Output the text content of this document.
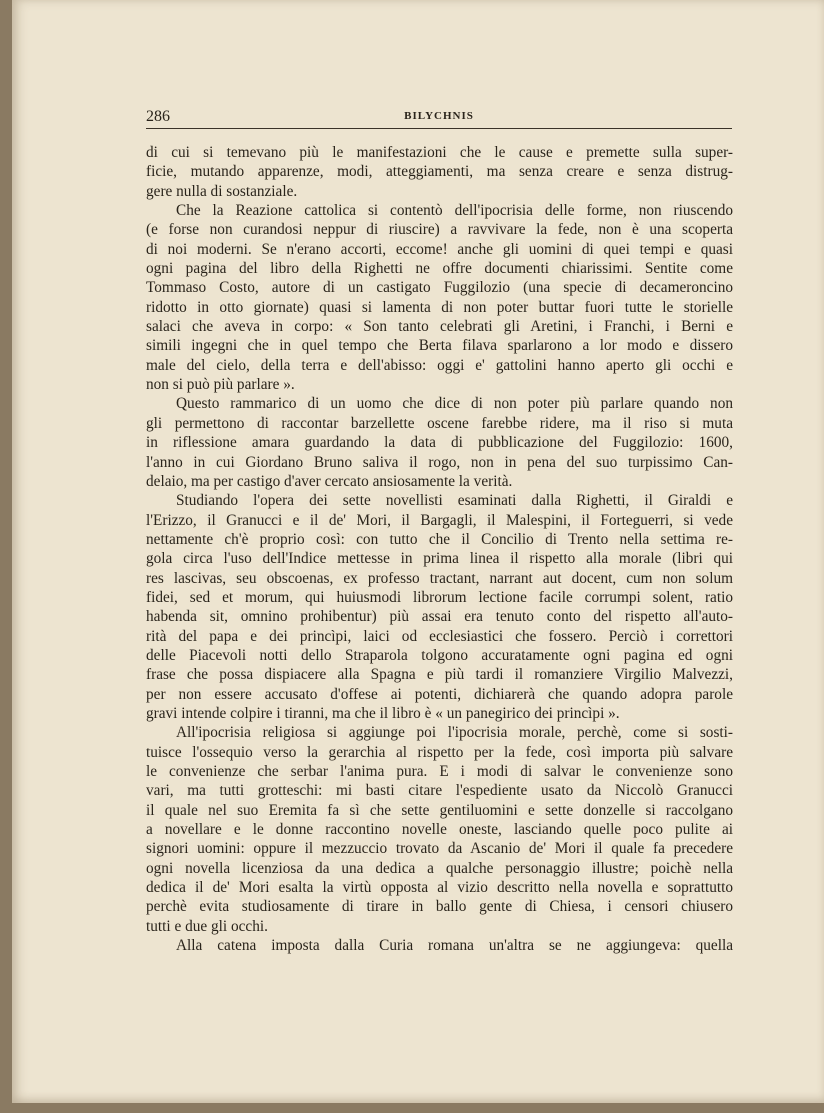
286	BILYCHNIS
di cui si temevano più le manifestazioni che le cause e premette sulla super-
ficie, mutando apparenze, modi, atteggiamenti, ma senza creare e senza distrug-
gere nulla di sostanziale.
Che la Reazione cattolica si contentò dell'ipocrisia delle forme, non riuscendo
(e forse non curandosi neppur di riuscire) a ravvivare la fede, non è una scoperta
di noi moderni. Se n'erano accorti, eccome! anche gli uomini di quei tempi e quasi
ogni pagina del libro della Righetti ne offre documenti chiarissimi. Sentite come
Tommaso Costo, autore di un castigato Fuggilozio (una specie di decameroncino
ridotto in otto giornate) quasi si lamenta di non poter buttar fuori tutte le storielle
salaci che aveva in corpo: « Son tanto celebrati gli Aretini, i Franchi, i Berni e
simili ingegni che in quel tempo che Berta filava sparlarono a lor modo e dissero
male del cielo, della terra e dell'abisso: oggi e' gattolini hanno aperto gli occhi e
non si può più parlare ».
Questo rammarico di un uomo che dice di non poter più parlare quando non
gli permettono di raccontar barzellette oscene farebbe ridere, ma il riso si muta
in riflessione amara guardando la data di pubblicazione del Fuggilozio: 1600,
l'anno in cui Giordano Bruno saliva il rogo, non in pena del suo turpissimo Can-
delaio, ma per castigo d'aver cercato ansiosamente la verità.
Studiando l'opera dei sette novellisti esaminati dalla Righetti, il Giraldi e
l'Erizzo, il Granucci e il de' Mori, il Bargagli, il Malespini, il Forteguerri, si vede
nettamente ch'è proprio così: con tutto che il Concilio di Trento nella settima re-
gola circa l'uso dell'Indice mettesse in prima linea il rispetto alla morale (libri qui
res lascivas, seu obscoenas, ex professo tractant, narrant aut docent, cum non solum
fidei, sed et morum, qui huiusmodi librorum lectione facile corrumpi solent, ratio
habenda sit, omnino prohibentur) più assai era tenuto conto del rispetto all'auto-
rità del papa e dei princìpi, laici od ecclesiastici che fossero. Perciò i correttori
delle Piacevoli notti dello Straparola tolgono accuratamente ogni pagina ed ogni
frase che possa dispiacere alla Spagna e più tardi il romanziere Virgilio Malvezzi,
per non essere accusato d'offese ai potenti, dichiarerà che quando adopra parole
gravi intende colpire i tiranni, ma che il libro è « un panegirico dei princìpi ».
All'ipocrisia religiosa si aggiunge poi l'ipocrisia morale, perchè, come si sosti-
tuisce l'ossequio verso la gerarchia al rispetto per la fede, così importa più salvare
le convenienze che serbar l'anima pura. E i modi di salvar le convenienze sono
vari, ma tutti grotteschi: mi basti citare l'espediente usato da Niccolò Granucci
il quale nel suo Eremita fa sì che sette gentiluomini e sette donzelle si raccolgano
a novellare e le donne raccontino novelle oneste, lasciando quelle poco pulite ai
signori uomini: oppure il mezzuccio trovato da Ascanio de' Mori il quale fa precedere
ogni novella licenziosa da una dedica a qualche personaggio illustre; poichè nella
dedica il de' Mori esalta la virtù opposta al vizio descritto nella novella e soprattutto
perchè evita studiosamente di tirare in ballo gente di Chiesa, i censori chiusero
tutti e due gli occhi.
Alla catena imposta dalla Curia romana un'altra se ne aggiungeva: quella
